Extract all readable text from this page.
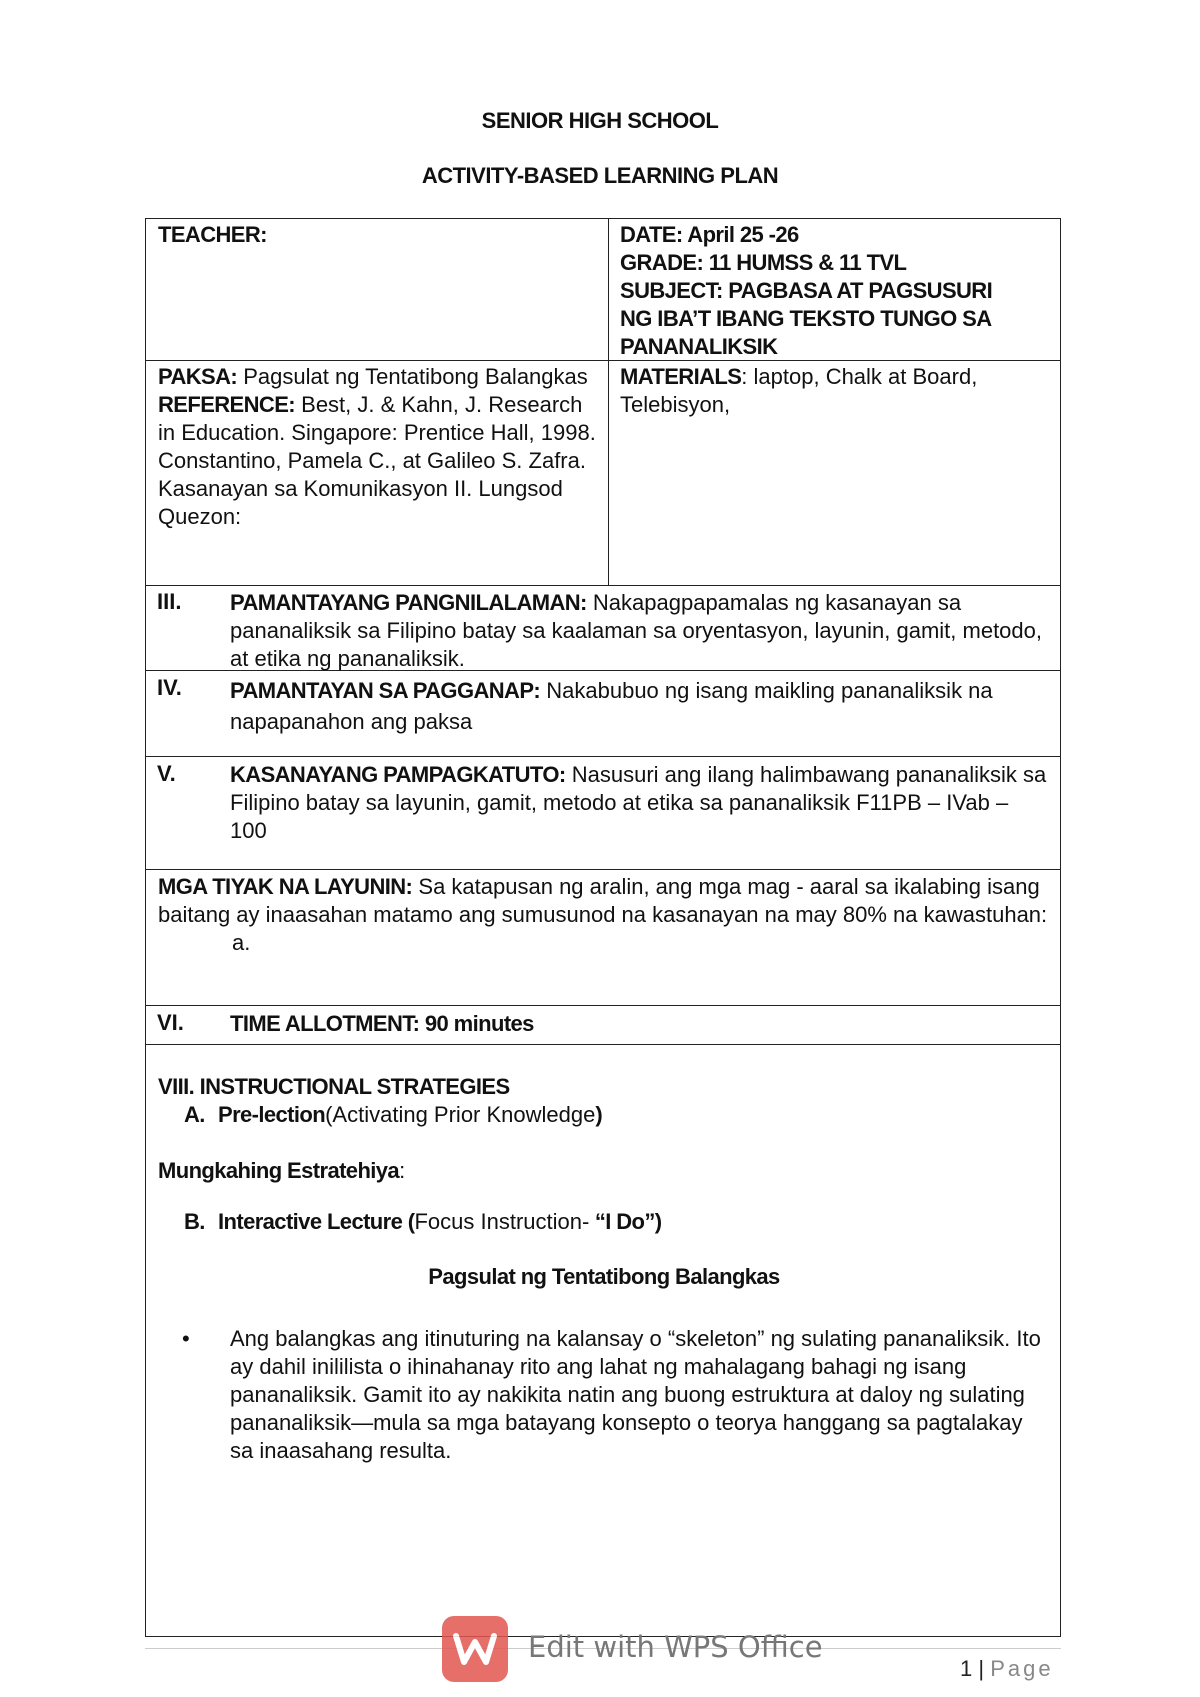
SENIOR HIGH SCHOOL
ACTIVITY-BASED LEARNING PLAN
TEACHER:	DATE: April 25 -26
GRADE: 11 HUMSS & 11 TVL
SUBJECT: PAGBASA AT PAGSUSURI
NG IBA’T IBANG TEKSTO TUNGO SA
PANANALIKSIK
PAKSA: Pagsulat ng Tentatibong Balangkas
REFERENCE: Best, J. & Kahn, J. Research in Education. Singapore: Prentice Hall, 1998. Constantino, Pamela C., at Galileo S. Zafra. Kasanayan sa Komunikasyon II. Lungsod Quezon:
MATERIALS: laptop, Chalk at Board, Telebisyon,
III. PAMANTAYANG PANGNILALAMAN: Nakapagpapamalas ng kasanayan sa pananaliksik sa Filipino batay sa kaalaman sa oryentasyon, layunin, gamit, metodo, at etika ng pananaliksik.
IV. PAMANTAYAN SA PAGGANAP: Nakabubuo ng isang maikling pananaliksik na napapanahon ang paksa
V. KASANAYANG PAMPAGKATUTO: Nasusuri ang ilang halimbawang pananaliksik sa Filipino batay sa layunin, gamit, metodo at etika sa pananaliksik F11PB – IVab – 100
MGA TIYAK NA LAYUNIN: Sa katapusan ng aralin, ang mga mag - aaral sa ikalabing isang baitang ay inaasahan matamo ang sumusunod na kasanayan na may 80% na kawastuhan:
a.
VI. TIME ALLOTMENT: 90 minutes
VIII. INSTRUCTIONAL STRATEGIES
A. Pre-lection(Activating Prior Knowledge)
Mungkahing Estratehiya:
B. Interactive Lecture (Focus Instruction- “I Do”)
Pagsulat ng Tentatibong Balangkas
• Ang balangkas ang itinuturing na kalansay o “skeleton” ng sulating pananaliksik. Ito ay dahil inililista o ihinahanay rito ang lahat ng mahalagang bahagi ng isang pananaliksik. Gamit ito ay nakikita natin ang buong estruktura at daloy ng sulating pananaliksik—mula sa mga batayang konsepto o teorya hanggang sa pagtalakay sa inaasahang resulta.
Edit with WPS Office
1 | Page
